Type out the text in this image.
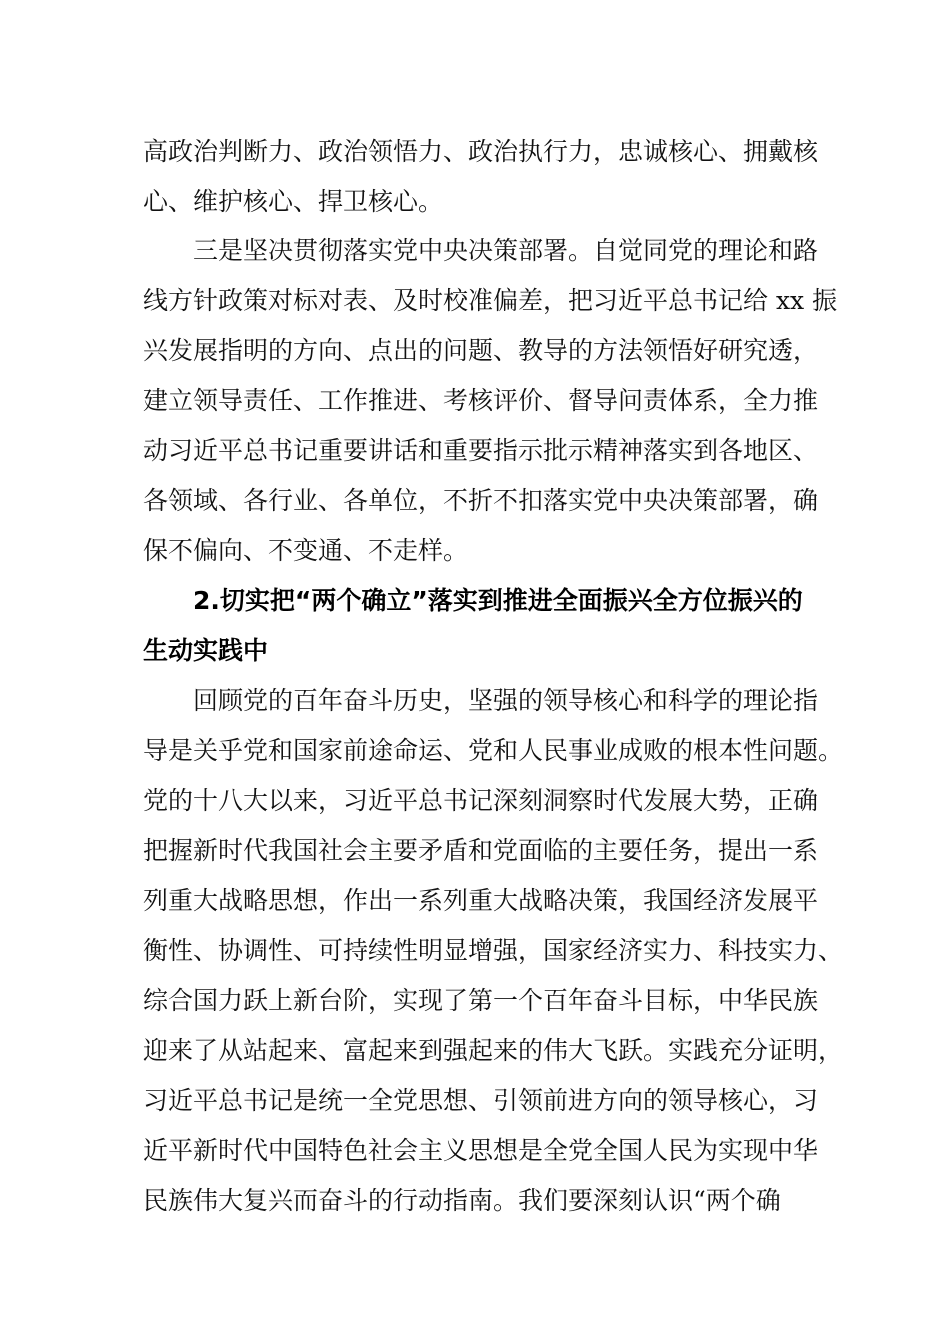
高政治判断力、政治领悟力、政治执行力，忠诚核心、拥戴核
心、维护核心、捍卫核心。
三是坚决贯彻落实党中央决策部署。自觉同党的理论和路
线方针政策对标对表、及时校准偏差，把习近平总书记给 xx 振
兴发展指明的方向、点出的问题、教导的方法领悟好研究透，
建立领导责任、工作推进、考核评价、督导问责体系，全力推
动习近平总书记重要讲话和重要指示批示精神落实到各地区、
各领域、各行业、各单位，不折不扣落实党中央决策部署，确
保不偏向、不变通、不走样。
2.切实把“两个确立”落实到推进全面振兴全方位振兴的
生动实践中
回顾党的百年奋斗历史，坚强的领导核心和科学的理论指
导是关乎党和国家前途命运、党和人民事业成败的根本性问题。
党的十八大以来，习近平总书记深刻洞察时代发展大势，正确
把握新时代我国社会主要矛盾和党面临的主要任务，提出一系
列重大战略思想，作出一系列重大战略决策，我国经济发展平
衡性、协调性、可持续性明显增强，国家经济实力、科技实力、
综合国力跃上新台阶，实现了第一个百年奋斗目标，中华民族
迎来了从站起来、富起来到强起来的伟大飞跃。实践充分证明，
习近平总书记是统一全党思想、引领前进方向的领导核心，习
近平新时代中国特色社会主义思想是全党全国人民为实现中华
民族伟大复兴而奋斗的行动指南。我们要深刻认识“两个确
